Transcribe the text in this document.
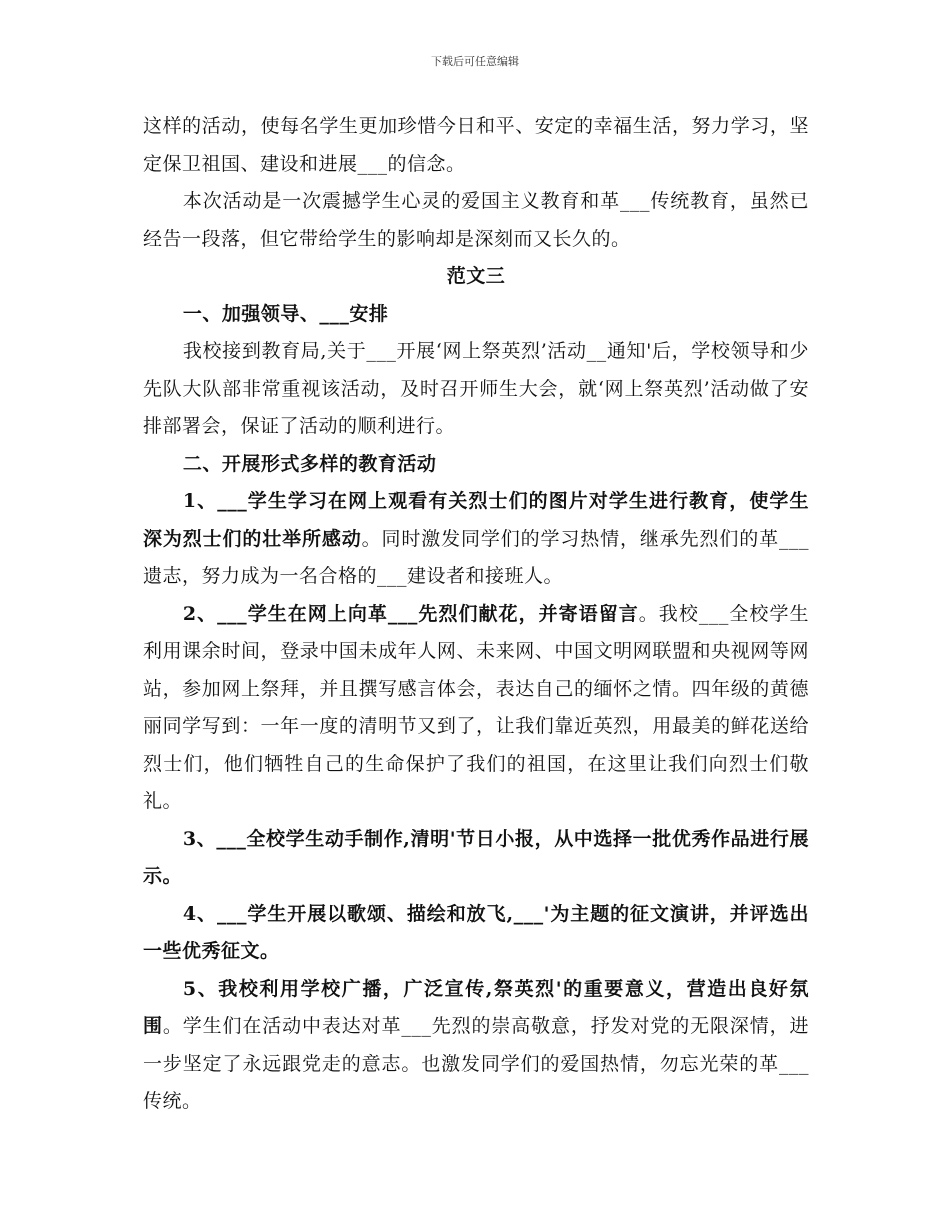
下载后可任意编辑

这样的活动，使每名学生更加珍惜今日和平、安定的幸福生活，努力学习，坚定保卫祖国、建设和进展___的信念。

本次活动是一次震撼学生心灵的爱国主义教育和革___传统教育，虽然已经告一段落，但它带给学生的影响却是深刻而又长久的。

范文三

一、加强领导、___安排

我校接到教育局,关于___开展‘网上祭英烈’活动__通知'后，学校领导和少先队大队部非常重视该活动，及时召开师生大会，就‘网上祭英烈’活动做了安排部署会，保证了活动的顺利进行。

二、开展形式多样的教育活动

1、___学生学习在网上观看有关烈士们的图片对学生进行教育，使学生深为烈士们的壮举所感动。同时激发同学们的学习热情，继承先烈们的革___遗志，努力成为一名合格的___建设者和接班人。

2、___学生在网上向革___先烈们献花，并寄语留言。我校___全校学生利用课余时间，登录中国未成年人网、未来网、中国文明网联盟和央视网等网站，参加网上祭拜，并且撰写感言体会，表达自己的缅怀之情。四年级的黄德丽同学写到：一年一度的清明节又到了，让我们靠近英烈，用最美的鲜花送给烈士们，他们牺牲自己的生命保护了我们的祖国，在这里让我们向烈士们敬礼。

3、___全校学生动手制作,清明'节日小报，从中选择一批优秀作品进行展示。

4、___学生开展以歌颂、描绘和放飞,___'为主题的征文演讲，并评选出一些优秀征文。

5、我校利用学校广播，广泛宣传,祭英烈'的重要意义，营造出良好氛围。学生们在活动中表达对革___先烈的崇高敬意，抒发对党的无限深情，进一步坚定了永远跟党走的意志。也激发同学们的爱国热情，勿忘光荣的革___传统。
